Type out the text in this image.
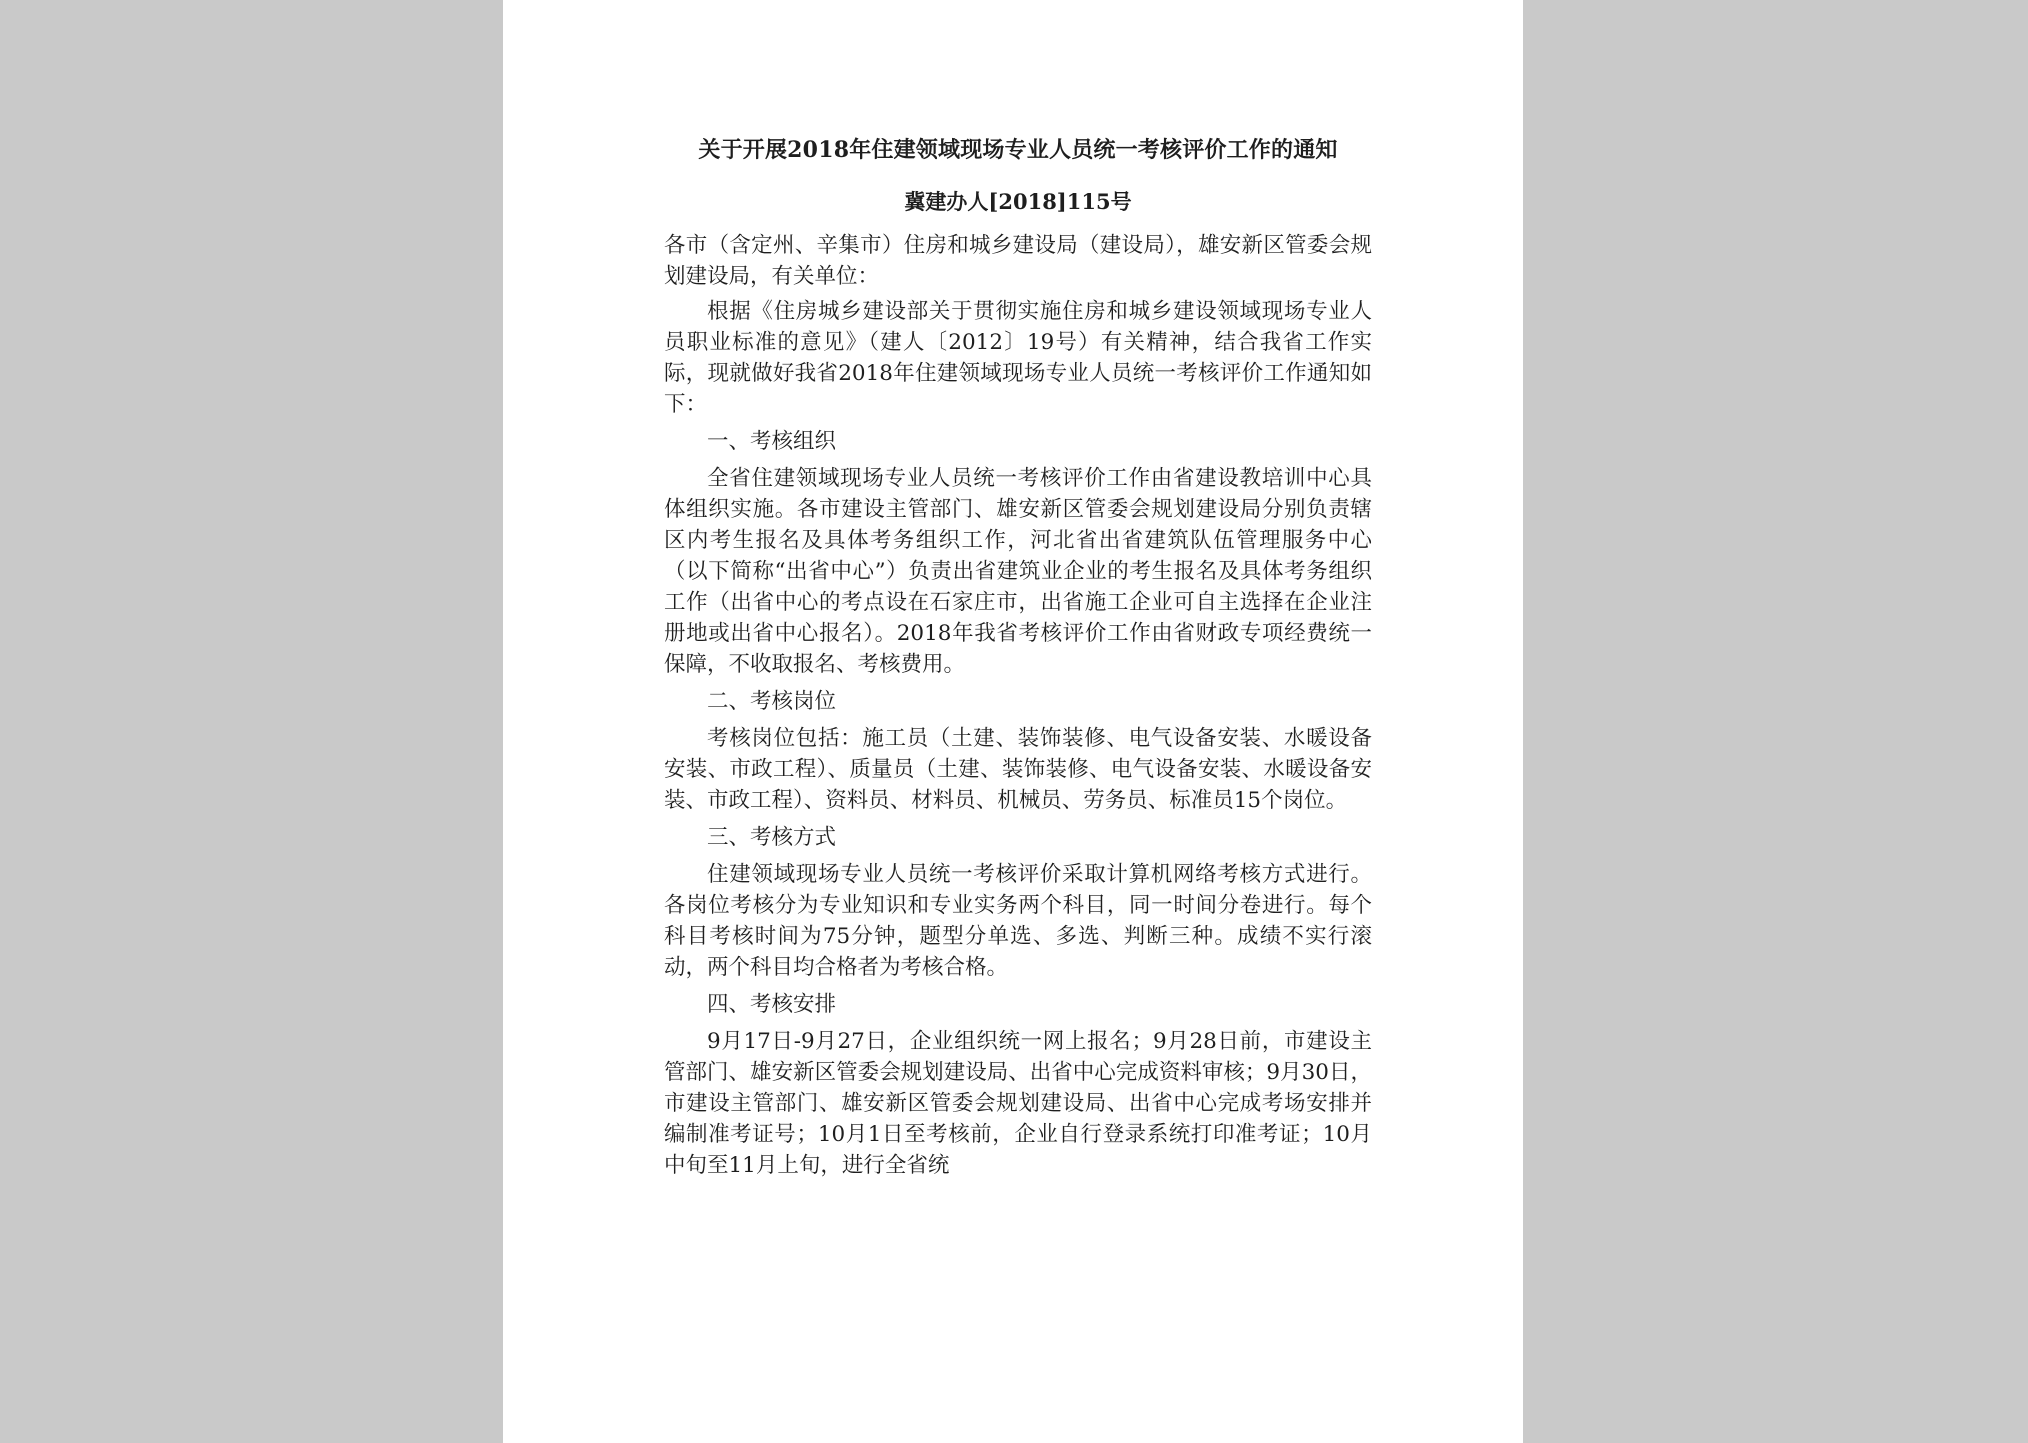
关于开展2018年住建领域现场专业人员统一考核评价工作的通知
冀建办人[2018]115号

各市（含定州、辛集市）住房和城乡建设局（建设局），雄安新区管委会规划建设局，有关单位：

根据《住房城乡建设部关于贯彻实施住房和城乡建设领域现场专业人员职业标准的意见》（建人〔2012〕19号）有关精神，结合我省工作实际，现就做好我省2018年住建领域现场专业人员统一考核评价工作通知如下：

一、考核组织

全省住建领域现场专业人员统一考核评价工作由省建设教培训中心具体组织实施。各市建设主管部门、雄安新区管委会规划建设局分别负责辖区内考生报名及具体考务组织工作，河北省出省建筑队伍管理服务中心（以下简称“出省中心”）负责出省建筑业企业的考生报名及具体考务组织工作（出省中心的考点设在石家庄市，出省施工企业可自主选择在企业注册地或出省中心报名）。2018年我省考核评价工作由省财政专项经费统一保障，不收取报名、考核费用。

二、考核岗位

考核岗位包括：施工员（土建、装饰装修、电气设备安装、水暖设备安装、市政工程）、质量员（土建、装饰装修、电气设备安装、水暖设备安装、市政工程）、资料员、材料员、机械员、劳务员、标准员15个岗位。

三、考核方式

住建领域现场专业人员统一考核评价采取计算机网络考核方式进行。各岗位考核分为专业知识和专业实务两个科目，同一时间分卷进行。每个科目考核时间为75分钟，题型分单选、多选、判断三种。成绩不实行滚动，两个科目均合格者为考核合格。

四、考核安排

9月17日-9月27日，企业组织统一网上报名；9月28日前，市建设主管部门、雄安新区管委会规划建设局、出省中心完成资料审核；9月30日，市建设主管部门、雄安新区管委会规划建设局、出省中心完成考场安排并编制准考证号；10月1日至考核前，企业自行登录系统打印准考证；10月中旬至11月上旬，进行全省统
